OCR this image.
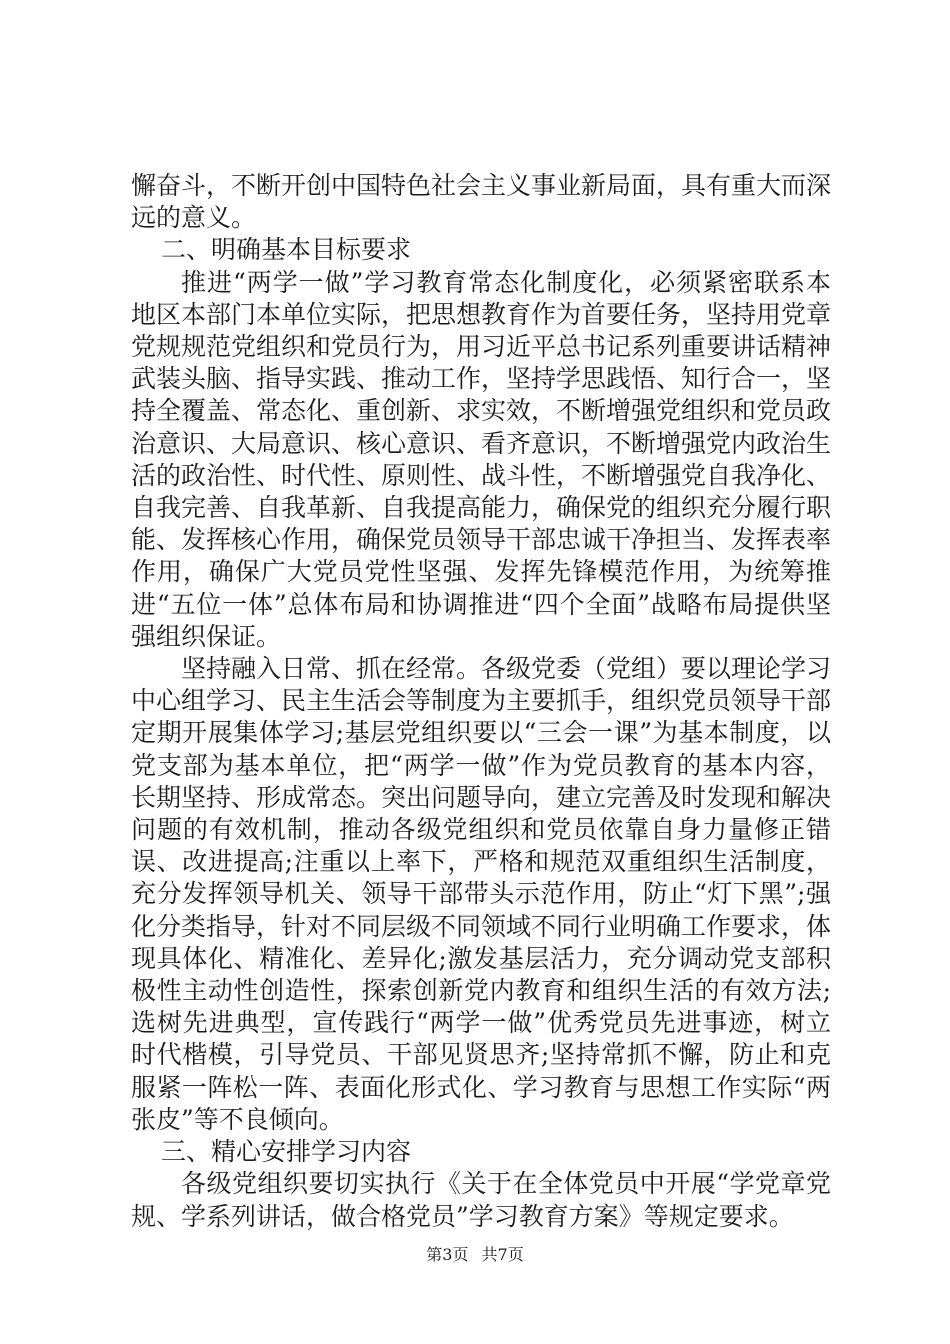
懈奋斗，不断开创中国特色社会主义事业新局面，具有重大而深远的意义。

二、明确基本目标要求

推进“两学一做”学习教育常态化制度化，必须紧密联系本地区本部门本单位实际，把思想教育作为首要任务，坚持用党章党规规范党组织和党员行为，用习近平总书记系列重要讲话精神武装头脑、指导实践、推动工作，坚持学思践悟、知行合一，坚持全覆盖、常态化、重创新、求实效，不断增强党组织和党员政治意识、大局意识、核心意识、看齐意识，不断增强党内政治生活的政治性、时代性、原则性、战斗性，不断增强党自我净化、自我完善、自我革新、自我提高能力，确保党的组织充分履行职能、发挥核心作用，确保党员领导干部忠诚干净担当、发挥表率作用，确保广大党员党性坚强、发挥先锋模范作用，为统筹推进“五位一体”总体布局和协调推进“四个全面”战略布局提供坚强组织保证。

坚持融入日常、抓在经常。各级党委（党组）要以理论学习中心组学习、民主生活会等制度为主要抓手，组织党员领导干部定期开展集体学习;基层党组织要以“三会一课”为基本制度，以党支部为基本单位，把“两学一做”作为党员教育的基本内容，长期坚持、形成常态。突出问题导向，建立完善及时发现和解决问题的有效机制，推动各级党组织和党员依靠自身力量修正错误、改进提高;注重以上率下，严格和规范双重组织生活制度，充分发挥领导机关、领导干部带头示范作用，防止“灯下黑”;强化分类指导，针对不同层级不同领域不同行业明确工作要求，体现具体化、精准化、差异化;激发基层活力，充分调动党支部积极性主动性创造性，探索创新党内教育和组织生活的有效方法;选树先进典型，宣传践行“两学一做”优秀党员先进事迹，树立时代楷模，引导党员、干部见贤思齐;坚持常抓不懈，防止和克服紧一阵松一阵、表面化形式化、学习教育与思想工作实际“两张皮”等不良倾向。

三、精心安排学习内容

各级党组织要切实执行《关于在全体党员中开展“学党章党规、学系列讲话，做合格党员”学习教育方案》等规定要求。

第3页 共7页
